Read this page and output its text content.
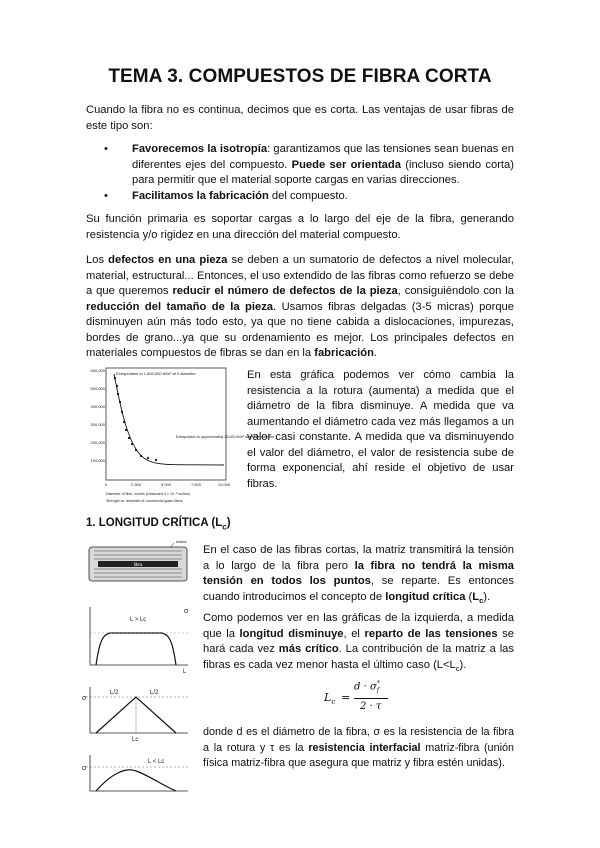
TEMA 3. COMPUESTOS DE FIBRA CORTA

Cuando la fibra no es continua, decimos que es corta. Las ventajas de usar fibras de este tipo son:

• Favorecemos la isotropía: garantizamos que las tensiones sean buenas en diferentes ejes del compuesto. Puede ser orientada (incluso siendo corta) para permitir que el material soporte cargas en varias direcciones.
• Facilitamos la fabricación del compuesto.

Su función primaria es soportar cargas a lo largo del eje de la fibra, generando resistencia y/o rigidez en una dirección del material compuesto.

Los defectos en una pieza se deben a un sumatorio de defectos a nivel molecular, material, estructural... Entonces, el uso extendido de las fibras como refuerzo se debe a que queremos reducir el número de defectos de la pieza, consiguiéndolo con la reducción del tamaño de la pieza. Usamos fibras delgadas (3-5 micras) porque disminuyen aún más todo esto, ya que no tiene cabida a dislocaciones, impurezas, bordes de grano...ya que su ordenamiento es mejor. Los principales defectos en materiales compuestos de fibras se dan en la fabricación.

600,000
500,000
400,000
300,000
200,000
100,000
0	2,500	5,000	7,500	10,000
Extrapolates to 1,600,000 lb/in² at 0 diameter
Extrapolates to approximately 25,000 lb/in² at infinite diameter
Diameter of fiber, inches (measured 4 × 10⁻⁵ inches)
Strength vs. diameter of commercial glass fibers

En esta gráfica podemos ver cómo cambia la resistencia a la rotura (aumenta) a medida que el diámetro de la fibra disminuye. A medida que va aumentando el diámetro cada vez más llegamos a un valor casi constante. A medida que va disminuyendo el valor del diámetro, el valor de resistencia sube de forma exponencial, ahí reside el objetivo de usar fibras.

1. LONGITUD CRÍTICA $(L_c)$
fibra
matriz
L > Lc
L
σ
L/2	L/2
σ
Lc
σ
L < Lc

En el caso de las fibras cortas, la matriz transmitirá la tensión a lo largo de la fibra pero la fibra no tendrá la misma tensión en todos los puntos, se reparte. Es entonces cuando introducimos el concepto de longitud crítica $(L_c)$.

Como podemos ver en las gráficas de la izquierda, a medida que la longitud disminuye, el reparto de las tensiones se hará cada vez más crítico. La contribución de la matriz a las fibras es cada vez menor hasta el último caso $(L<L_c)$.

$L_c$ =
$d \cdot \sigma^*_f$
2 · τ

donde d es el diámetro de la fibra, σ es la resistencia de la fibra a la rotura y τ es la resistencia interfacial matriz-fibra (unión física matriz-fibra que asegura que matriz y fibra estén unidas).
